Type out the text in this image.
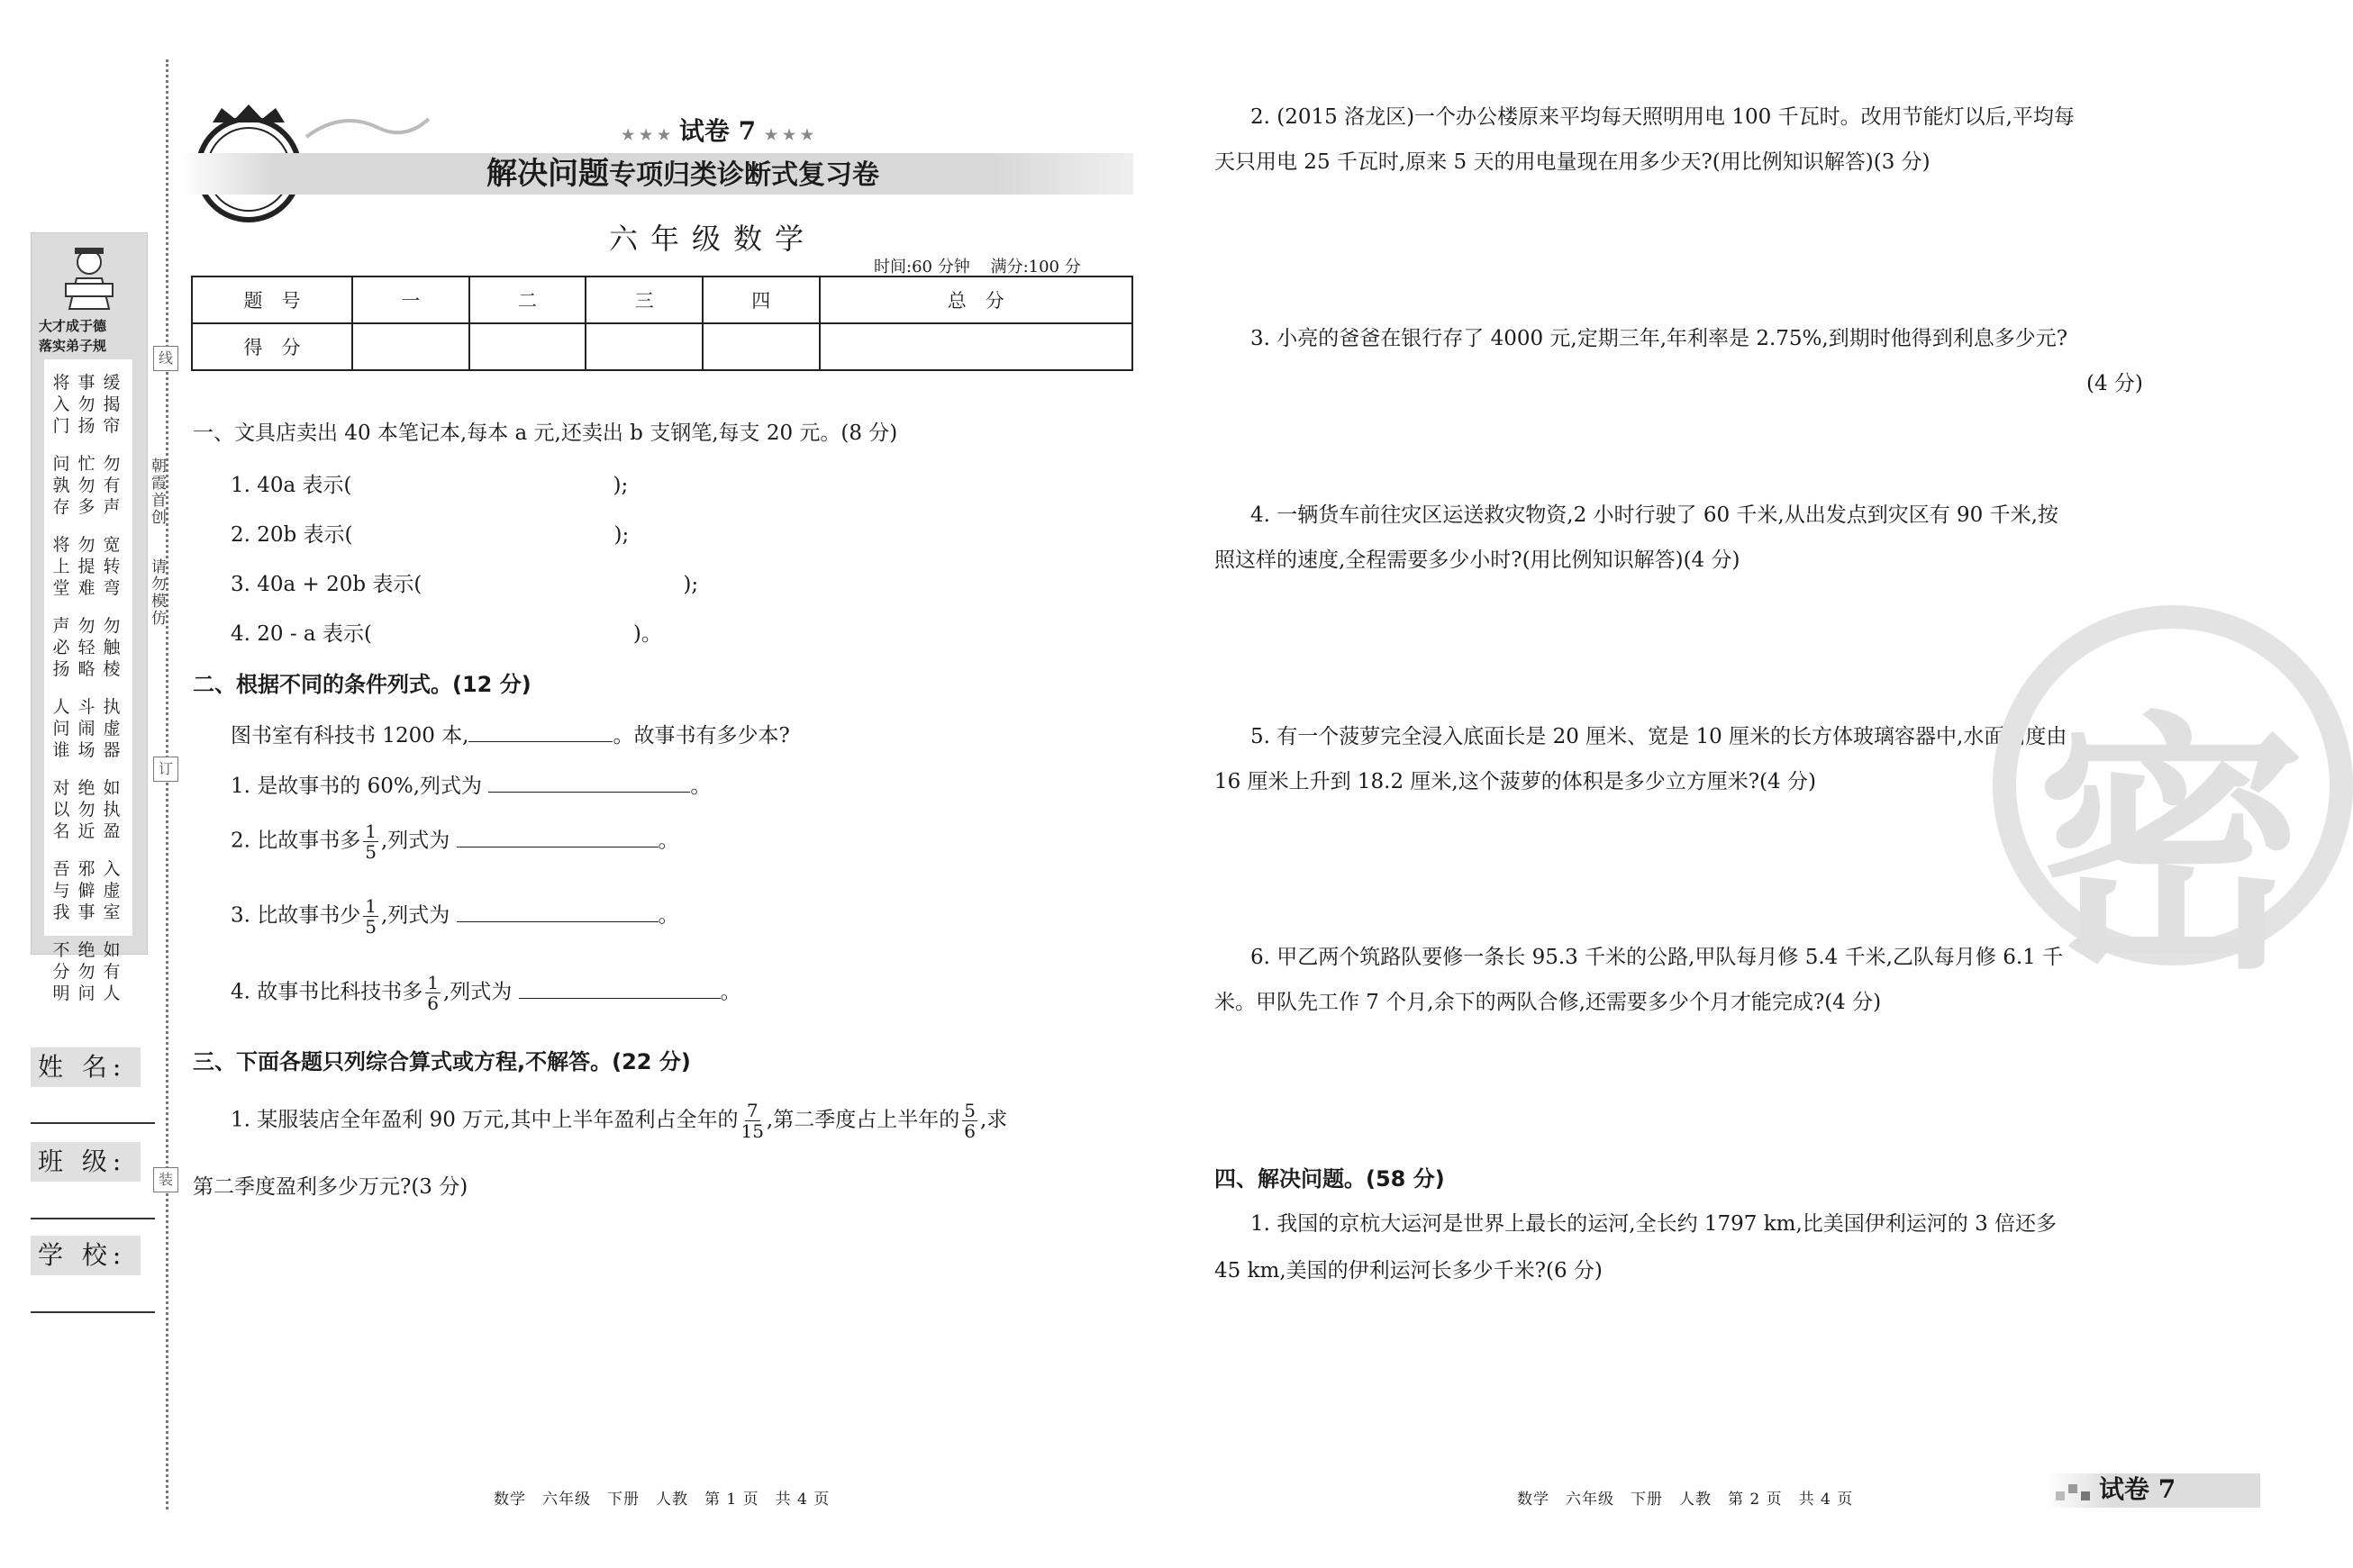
线
订
装
朝霞首创
请勿模仿
大才成于德
落实弟子规
将
入
门
事
勿
扬
缓
揭
帘
问
孰
存
忙
勿
多
勿
有
声
将
上
堂
勿
提
难
宽
转
弯
声
必
扬
勿
轻
略
勿
触
棱
人
问
谁
斗
闹
场
执
虚
器
对
以
名
绝
勿
近
如
执
盈
吾
与
我
邪
僻
事
入
虚
室
不
分
明
绝
勿
问
如
有
人
姓 名:
班 级:
学 校:
★ ★ ★ 试卷 7 ★ ★ ★
解决问题专项归类诊断式复习卷
六年级数学
时间:60 分钟 满分:100 分
题　号	一	二	三	四	总　分
得　分					
一、文具店卖出 40 本笔记本,每本 a 元,还卖出 b 支钢笔,每支 20 元。(8 分)
1. 40a 表示(	);
2. 20b 表示(	);
3. 40a + 20b 表示(	);
4. 20 - a 表示(	)。
二、根据不同的条件列式。(12 分)
图书室有科技书 1200 本,	。故事书有多少本?
1. 是故事书的 60%,列式为	。
2. 比故事书多 $\frac{1}{5}$ ,列式为	。
3. 比故事书少 $\frac{1}{5}$ ,列式为	。
4. 故事书比科技书多 $\frac{1}{6}$ ,列式为	。
三、下面各题只列综合算式或方程,不解答。(22 分)
1. 某服装店全年盈利 90 万元,其中上半年盈利占全年的 $\frac{7}{15}$ ,第二季度占上半年的 $\frac{5}{6}$ ,求
第二季度盈利多少万元?(3 分)
2. (2015 洛龙区)一个办公楼原来平均每天照明用电 100 千瓦时。改用节能灯以后,平均每
天只用电 25 千瓦时,原来 5 天的用电量现在用多少天?(用比例知识解答)(3 分)
3. 小亮的爸爸在银行存了 4000 元,定期三年,年利率是 2.75%,到期时他得到利息多少元?
(4 分)
4. 一辆货车前往灾区运送救灾物资,2 小时行驶了 60 千米,从出发点到灾区有 90 千米,按
照这样的速度,全程需要多少小时?(用比例知识解答)(4 分)
5. 有一个菠萝完全浸入底面长是 20 厘米、宽是 10 厘米的长方体玻璃容器中,水面高度由
16 厘米上升到 18.2 厘米,这个菠萝的体积是多少立方厘米?(4 分)
6. 甲乙两个筑路队要修一条长 95.3 千米的公路,甲队每月修 5.4 千米,乙队每月修 6.1 千
米。甲队先工作 7 个月,余下的两队合修,还需要多少个月才能完成?(4 分)
四、解决问题。(58 分)
1. 我国的京杭大运河是世界上最长的运河,全长约 1797 km,比美国伊利运河的 3 倍还多
45 km,美国的伊利运河长多少千米?(6 分)
密
数学　六年级　下册　人教　第 1 页　共 4 页	数学　六年级　下册　人教　第 2 页　共 4 页	试卷 7
